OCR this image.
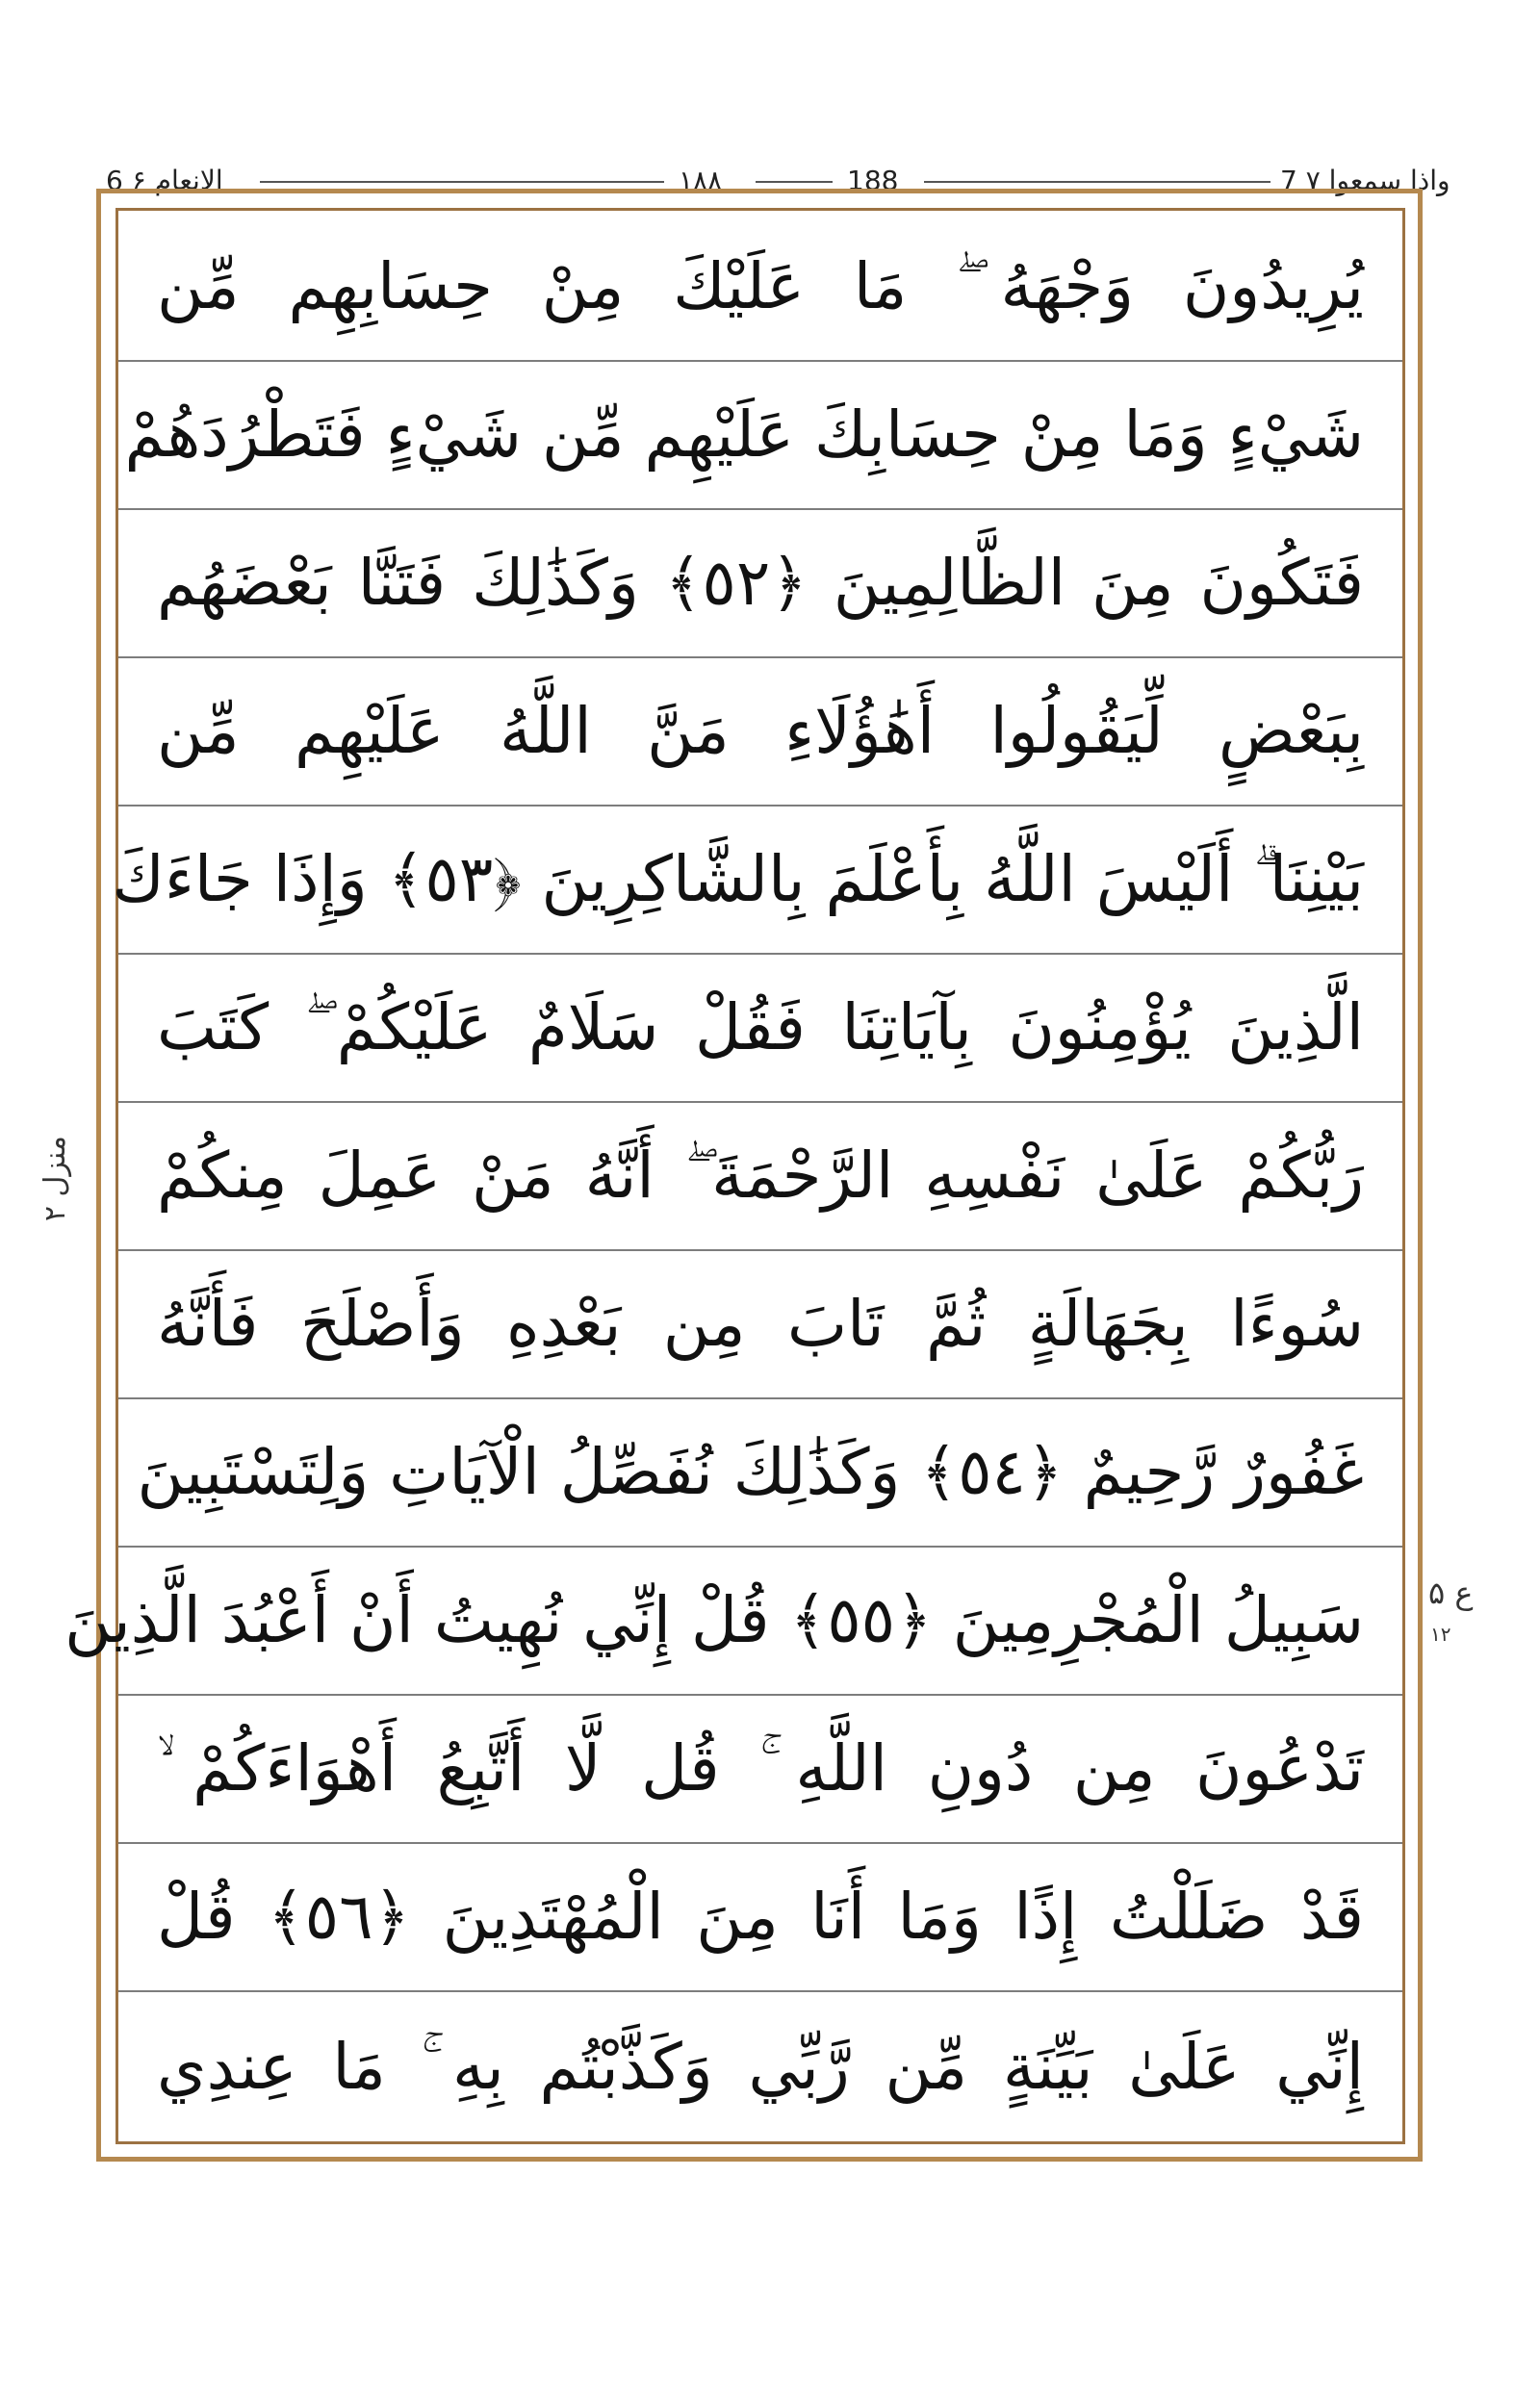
الانعام ۶ 6	۱۸۸	188	7 واذا سمعوا ۷
يُرِيدُونَ وَجْهَهُ ۖ مَا عَلَيْكَ مِنْ حِسَابِهِم مِّن
شَيْءٍ وَمَا مِنْ حِسَابِكَ عَلَيْهِم مِّن شَيْءٍ فَتَطْرُدَهُمْ
فَتَكُونَ مِنَ الظَّالِمِينَ ﴿٥٢﴾ وَكَذَٰلِكَ فَتَنَّا بَعْضَهُم
بِبَعْضٍ لِّيَقُولُوا أَهَٰؤُلَاءِ مَنَّ اللَّهُ عَلَيْهِم مِّن
بَيْنِنَا ۗ أَلَيْسَ اللَّهُ بِأَعْلَمَ بِالشَّاكِرِينَ ﴿٥٣﴾ وَإِذَا جَاءَكَ
الَّذِينَ يُؤْمِنُونَ بِآيَاتِنَا فَقُلْ سَلَامٌ عَلَيْكُمْ ۖ كَتَبَ
رَبُّكُمْ عَلَىٰ نَفْسِهِ الرَّحْمَةَ ۖ أَنَّهُ مَنْ عَمِلَ مِنكُمْ
سُوءًا بِجَهَالَةٍ ثُمَّ تَابَ مِن بَعْدِهِ وَأَصْلَحَ فَأَنَّهُ
غَفُورٌ رَّحِيمٌ ﴿٥٤﴾ وَكَذَٰلِكَ نُفَصِّلُ الْآيَاتِ وَلِتَسْتَبِينَ
سَبِيلُ الْمُجْرِمِينَ ﴿٥٥﴾ قُلْ إِنِّي نُهِيتُ أَنْ أَعْبُدَ الَّذِينَ
تَدْعُونَ مِن دُونِ اللَّهِ ۚ قُل لَّا أَتَّبِعُ أَهْوَاءَكُمْ ۙ
قَدْ ضَلَلْتُ إِذًا وَمَا أَنَا مِنَ الْمُهْتَدِينَ ﴿٥٦﴾ قُلْ
إِنِّي عَلَىٰ بَيِّنَةٍ مِّن رَّبِّي وَكَذَّبْتُم بِهِ ۚ مَا عِندِي
منزل ۲
ع ۵
۱۲
